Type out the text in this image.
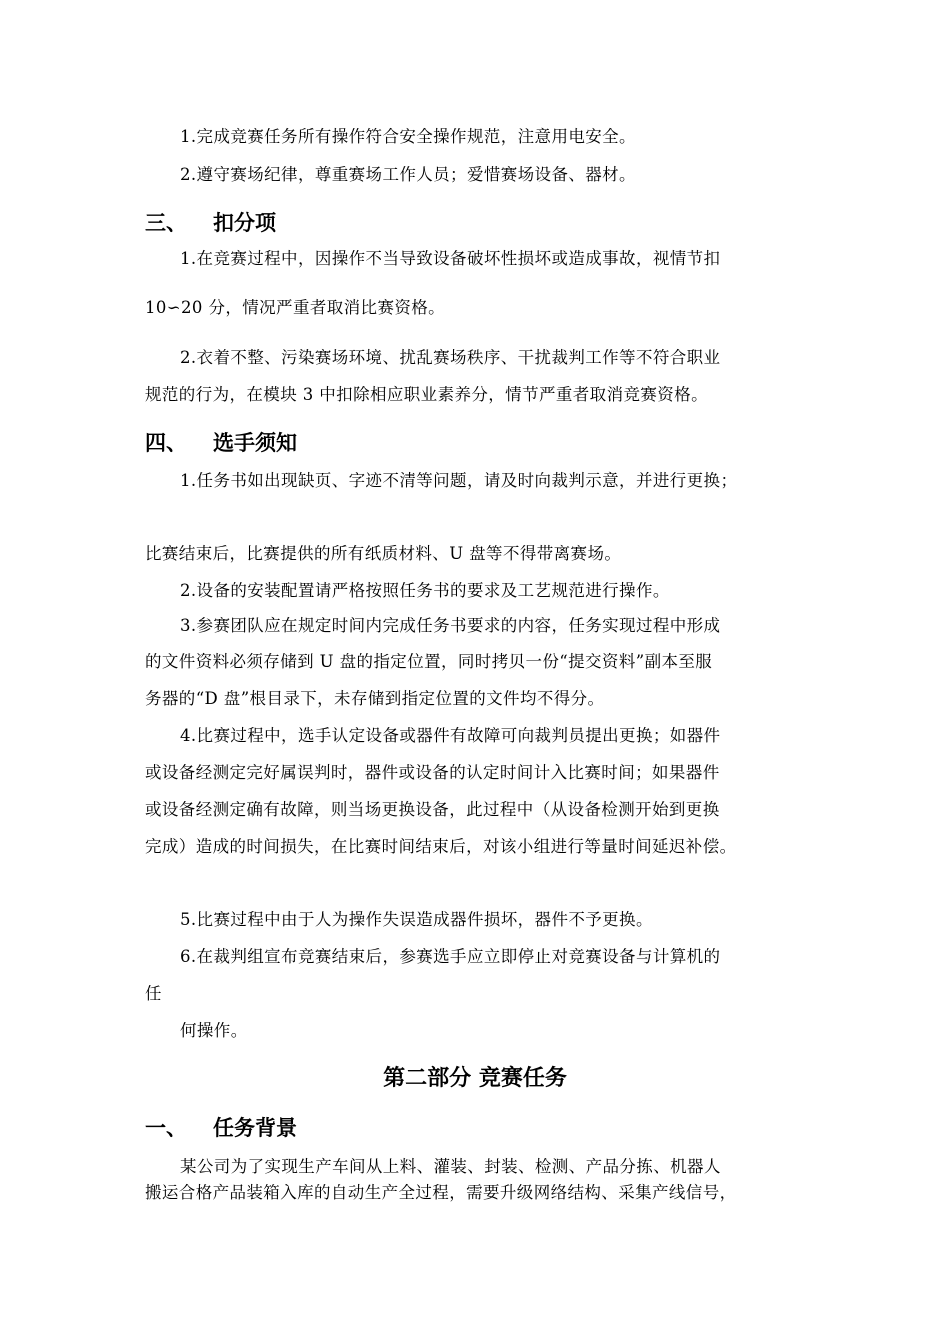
1.完成竞赛任务所有操作符合安全操作规范，注意用电安全。
2.遵守赛场纪律，尊重赛场工作人员；爱惜赛场设备、器材。
三、 扣分项
1.在竞赛过程中，因操作不当导致设备破坏性损坏或造成事故，视情节扣
10∽20 分，情况严重者取消比赛资格。
2.衣着不整、污染赛场环境、扰乱赛场秩序、干扰裁判工作等不符合职业
规范的行为，在模块 3 中扣除相应职业素养分，情节严重者取消竞赛资格。
四、 选手须知
1.任务书如出现缺页、字迹不清等问题，请及时向裁判示意，并进行更换；
比赛结束后，比赛提供的所有纸质材料、U 盘等不得带离赛场。
2.设备的安装配置请严格按照任务书的要求及工艺规范进行操作。
3.参赛团队应在规定时间内完成任务书要求的内容，任务实现过程中形成
的文件资料必须存储到 U 盘的指定位置，同时拷贝一份“提交资料”副本至服
务器的“D 盘”根目录下，未存储到指定位置的文件均不得分。
4.比赛过程中，选手认定设备或器件有故障可向裁判员提出更换；如器件
或设备经测定完好属误判时，器件或设备的认定时间计入比赛时间；如果器件
或设备经测定确有故障，则当场更换设备，此过程中（从设备检测开始到更换
完成）造成的时间损失，在比赛时间结束后，对该小组进行等量时间延迟补偿。
5.比赛过程中由于人为操作失误造成器件损坏，器件不予更换。
6.在裁判组宣布竞赛结束后，参赛选手应立即停止对竞赛设备与计算机的
任
何操作。
第二部分 竞赛任务
一、 任务背景
某公司为了实现生产车间从上料、灌装、封装、检测、产品分拣、机器人
搬运合格产品装箱入库的自动生产全过程，需要升级网络结构、采集产线信号，
